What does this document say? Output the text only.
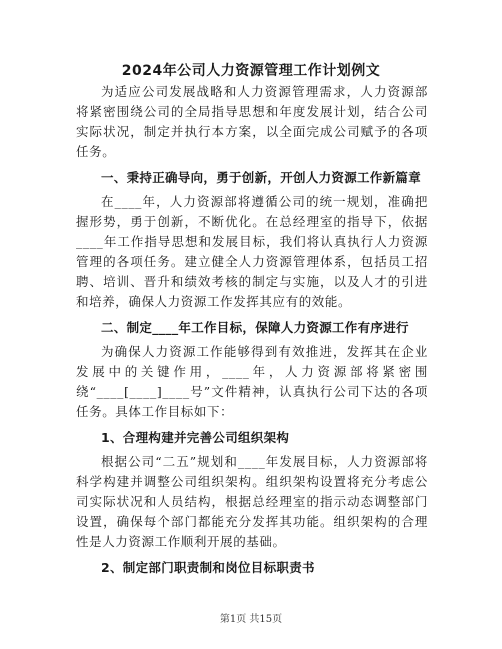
2024年公司人力资源管理工作计划例文

为适应公司发展战略和人力资源管理需求，人力资源部将紧密围绕公司的全局指导思想和年度发展计划，结合公司实际状况，制定并执行本方案，以全面完成公司赋予的各项任务。

一、秉持正确导向，勇于创新，开创人力资源工作新篇章

在____年，人力资源部将遵循公司的统一规划，准确把握形势，勇于创新，不断优化。在总经理室的指导下，依据____年工作指导思想和发展目标，我们将认真执行人力资源管理的各项任务。建立健全人力资源管理体系，包括员工招聘、培训、晋升和绩效考核的制定与实施，以及人才的引进和培养，确保人力资源工作发挥其应有的效能。

二、制定____年工作目标，保障人力资源工作有序进行

为确保人力资源工作能够得到有效推进，发挥其在企业发展中的关键作用，____年，人力资源部将紧密围绕“____[____]____号”文件精神，认真执行公司下达的各项任务。具体工作目标如下：

1、合理构建并完善公司组织架构

根据公司“二五”规划和____年发展目标，人力资源部将科学构建并调整公司组织架构。组织架构设置将充分考虑公司实际状况和人员结构，根据总经理室的指示动态调整部门设置，确保每个部门都能充分发挥其功能。组织架构的合理性是人力资源工作顺利开展的基础。

2、制定部门职责制和岗位目标职责书

第1页 共15页
